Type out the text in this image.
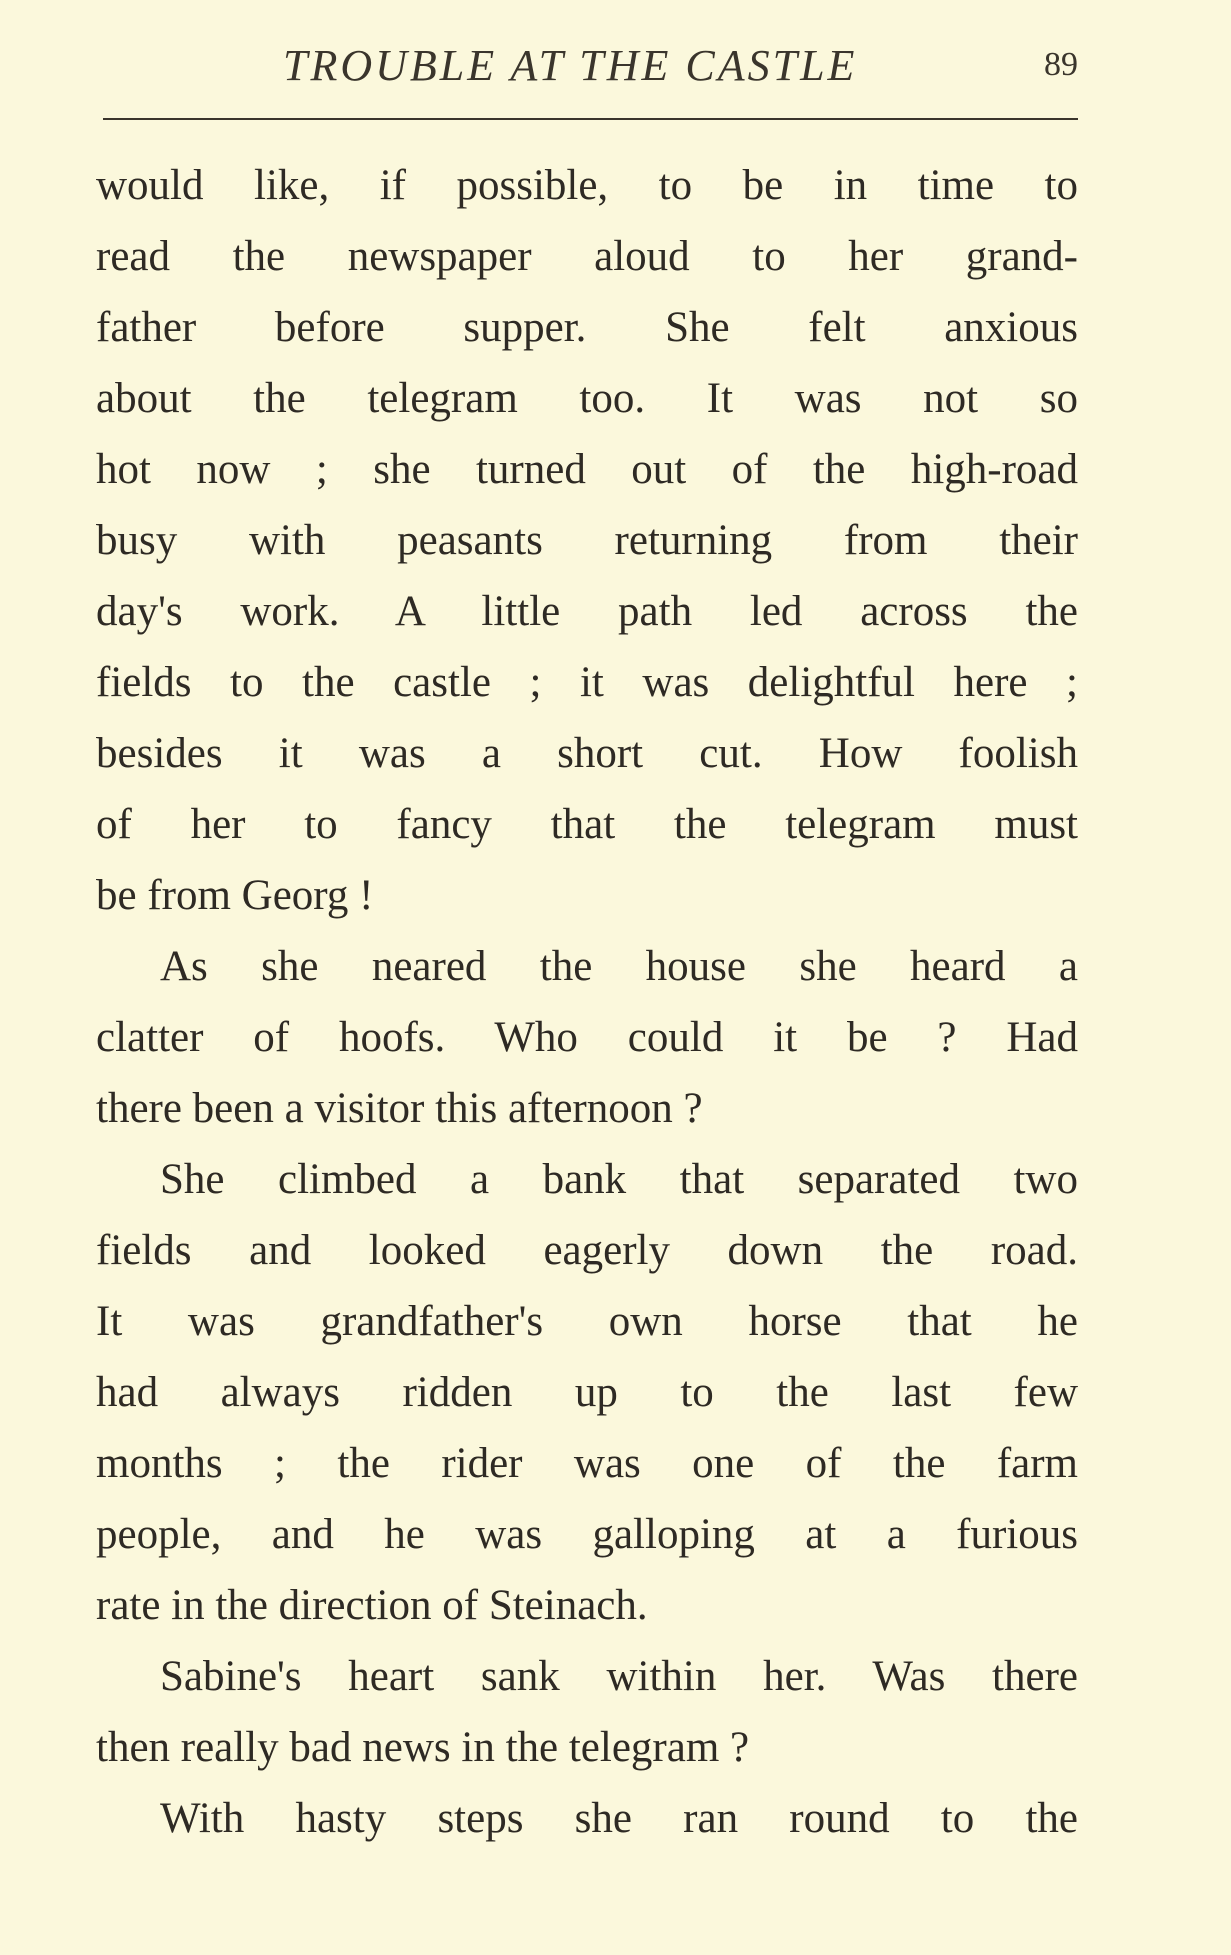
TROUBLE AT THE CASTLE	89
would like, if possible, to be in time to
read the newspaper aloud to her grand-
father before supper. She felt anxious
about the telegram too. It was not so
hot now ; she turned out of the high-road
busy with peasants returning from their
day's work. A little path led across the
fields to the castle ; it was delightful here ;
besides it was a short cut. How foolish
of her to fancy that the telegram must
be from Georg !
As she neared the house she heard a
clatter of hoofs. Who could it be ? Had
there been a visitor this afternoon ?
She climbed a bank that separated two
fields and looked eagerly down the road.
It was grandfather's own horse that he
had always ridden up to the last few
months ; the rider was one of the farm
people, and he was galloping at a furious
rate in the direction of Steinach.
Sabine's heart sank within her. Was there
then really bad news in the telegram ?
With hasty steps she ran round to the
